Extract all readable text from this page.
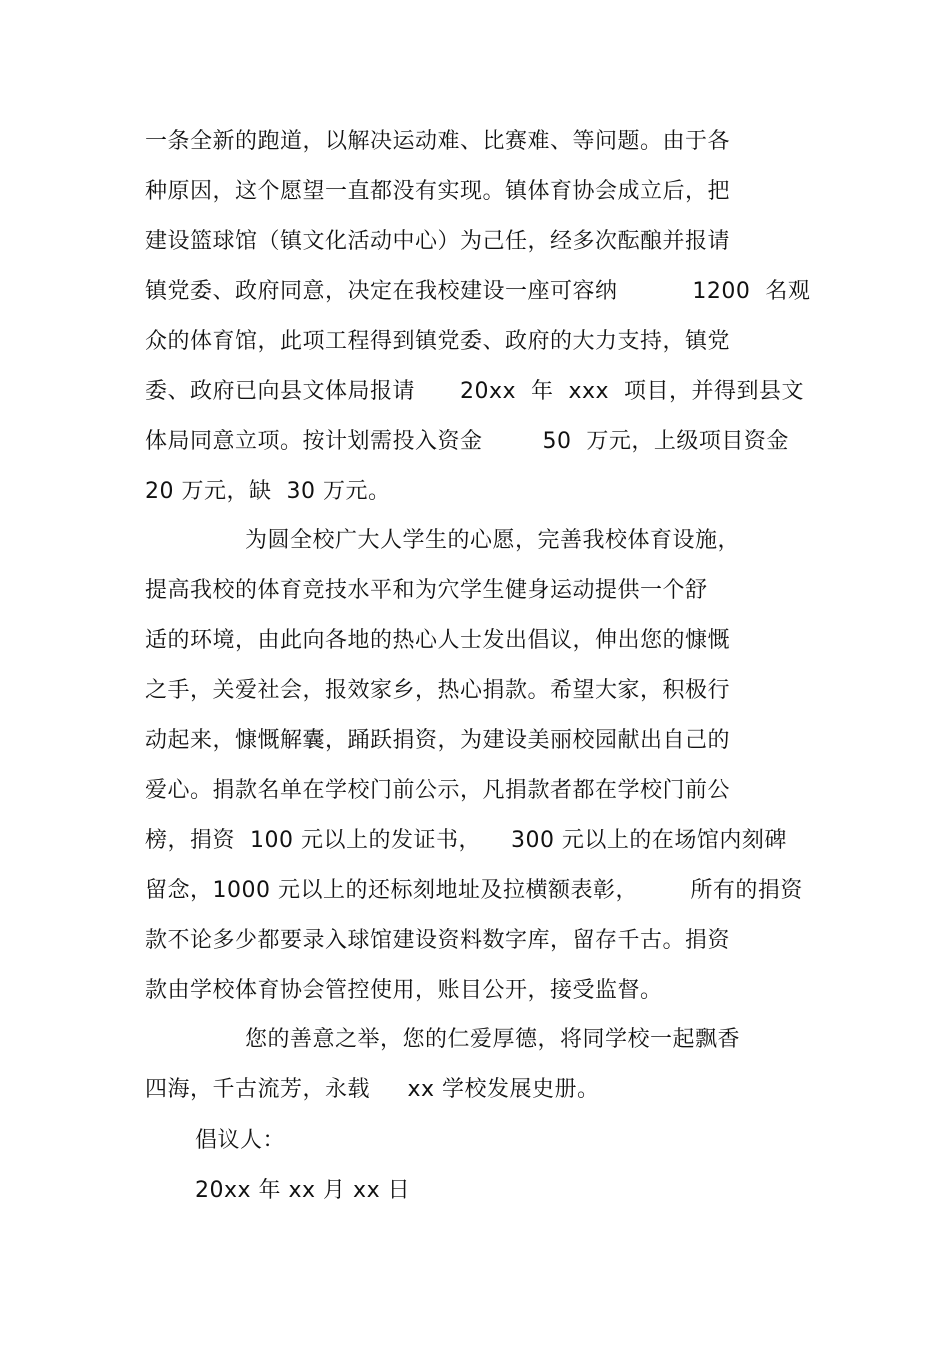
一条全新的跑道，以解决运动难、比赛难、等问题。由于各
种原因，这个愿望一直都没有实现。镇体育协会成立后，把
建设篮球馆（镇文化活动中心）为己任，经多次酝酿并报请
镇党委、政府同意，决定在我校建设一座可容纳          1200  名观
众的体育馆，此项工程得到镇党委、政府的大力支持，镇党
委、政府已向县文体局报请      20xx  年  xxx  项目，并得到县文
体局同意立项。按计划需投入资金        50  万元，上级项目资金
20 万元，缺  30 万元。
为圆全校广大人学生的心愿，完善我校体育设施，
提高我校的体育竞技水平和为穴学生健身运动提供一个舒
适的环境，由此向各地的热心人士发出倡议，伸出您的慷慨
之手，关爱社会，报效家乡，热心捐款。希望大家，积极行
动起来，慷慨解囊，踊跃捐资，为建设美丽校园献出自己的
爱心。捐款名单在学校门前公示，凡捐款者都在学校门前公
榜，捐资  100 元以上的发证书，    300 元以上的在场馆内刻碑
留念，1000 元以上的还标刻地址及拉横额表彰，       所有的捐资
款不论多少都要录入球馆建设资料数字库，留存千古。捐资
款由学校体育协会管控使用，账目公开，接受监督。
您的善意之举，您的仁爱厚德，将同学校一起飘香
四海，千古流芳，永载     xx 学校发展史册。
倡议人：
20xx 年 xx 月 xx 日
